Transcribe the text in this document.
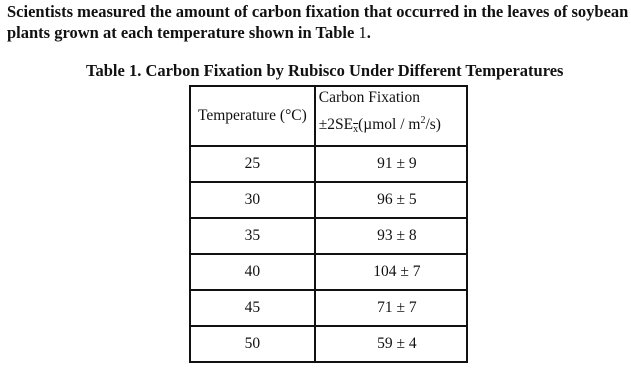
Scientists measured the amount of carbon fixation that occurred in the leaves of soybean
plants grown at each temperature shown in Table 1.

Table 1. Carbon Fixation by Rubisco Under Different Temperatures

Temperature (°C)	Carbon Fixation
$\pm 2SE\overline{x}(\mu mol / m^2/s)$

25	91 ± 9
30	96 ± 5
35	93 ± 8
40	104 ± 7
45	71 ± 7
50	59 ± 4
